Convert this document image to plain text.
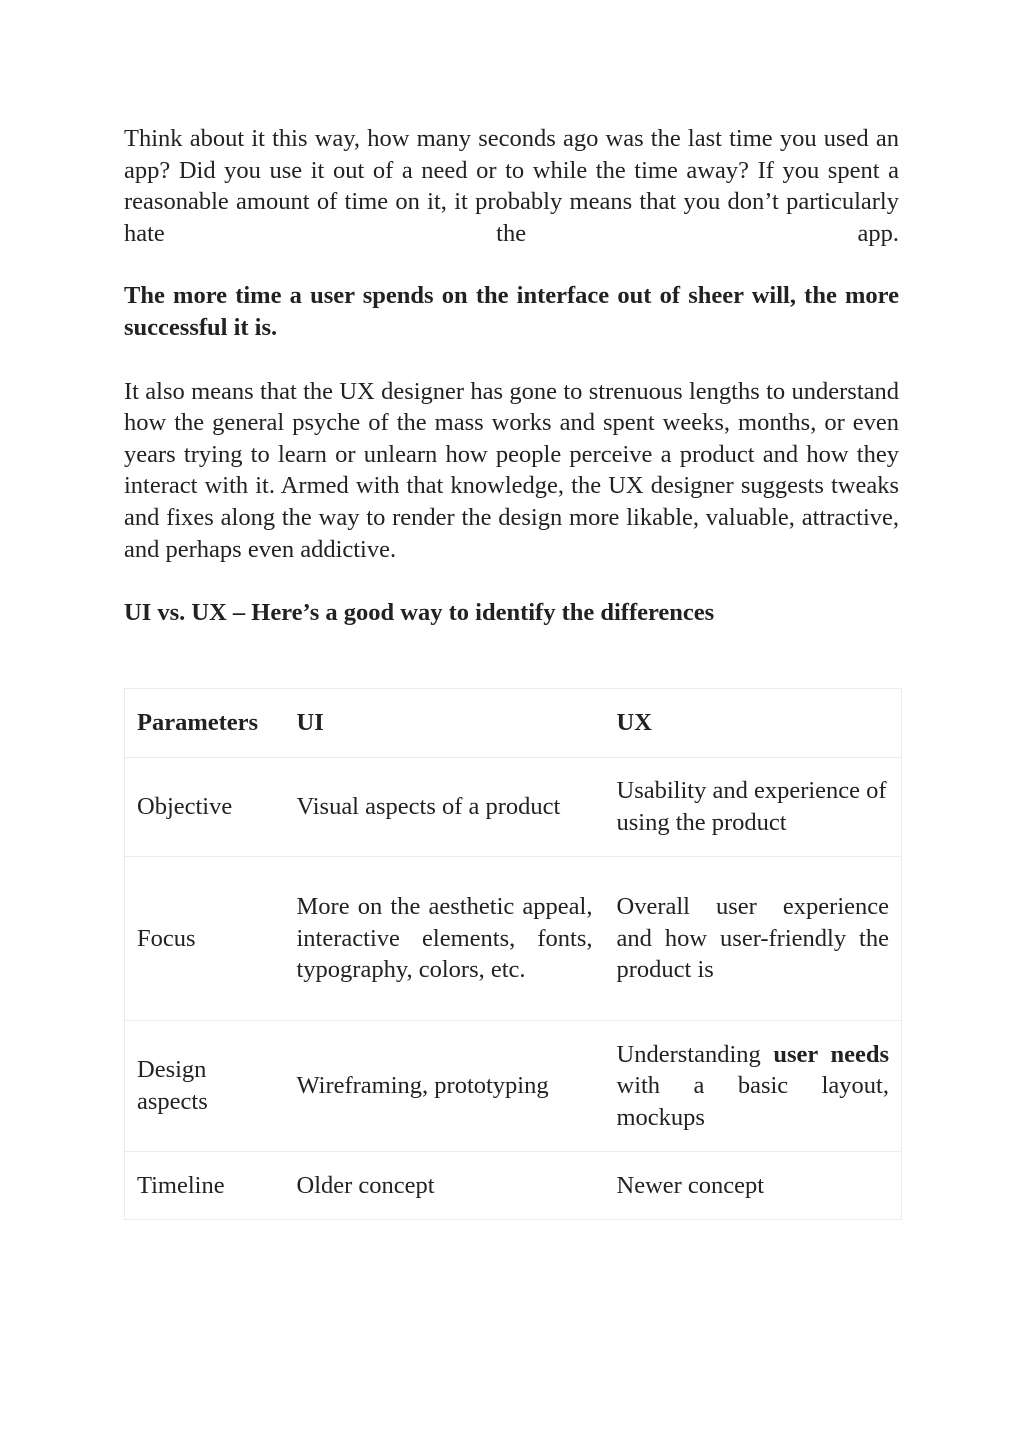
Think about it this way, how many seconds ago was the last time you used an app? Did you use it out of a need or to while the time away? If you spent a reasonable amount of time on it, it probably means that you don’t particularly hate the app.

The more time a user spends on the interface out of sheer will, the more successful it is.

It also means that the UX designer has gone to strenuous lengths to understand how the general psyche of the mass works and spent weeks, months, or even years trying to learn or unlearn how people perceive a product and how they interact with it. Armed with that knowledge, the UX designer suggests tweaks and fixes along the way to render the design more likable, valuable, attractive, and perhaps even addictive.

UI vs. UX – Here’s a good way to identify the differences

Parameters	UI	UX
Objective	Visual aspects of a product	Usability and experience of using the product
Focus	More on the aesthetic appeal, interactive elements, fonts, typography, colors, etc.	Overall user experience and how user-friendly the product is
Design aspects	Wireframing, prototyping	Understanding user needs with a basic layout, mockups
Timeline	Older concept	Newer concept
